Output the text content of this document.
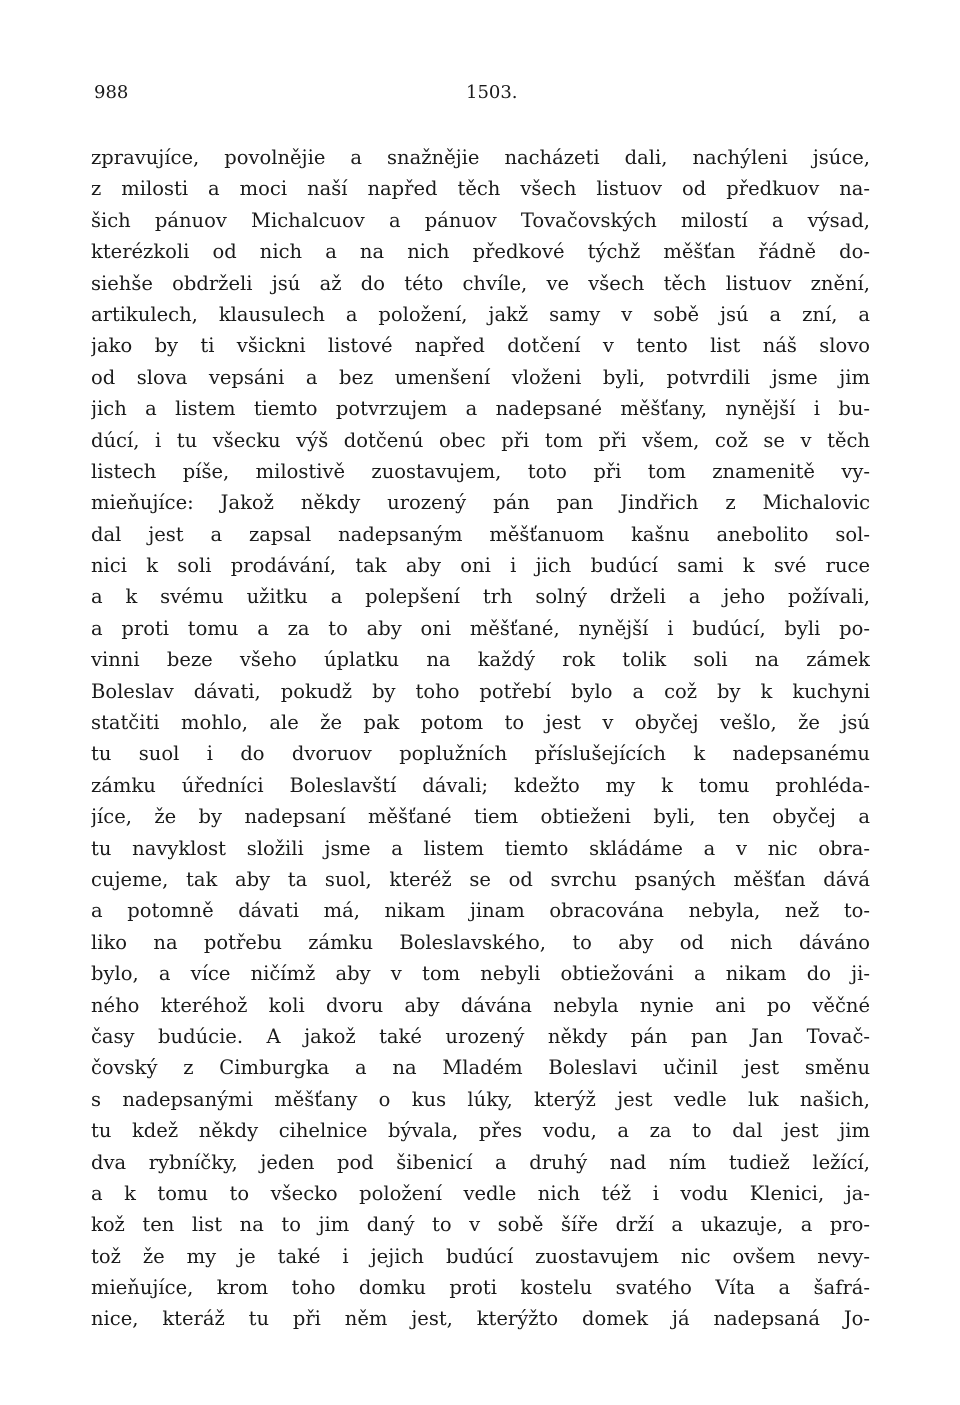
988	1503.
zpravujíce, povolnějie a snažnějie nacházeti dali, nachýleni jsúce,
z milosti a moci naší napřed těch všech listuov od předkuov na-
šich pánuov Michalcuov a pánuov Tovačovských milostí a výsad,
kterézkoli od nich a na nich předkové týchž měšťan řádně do-
siehše obdrželi jsú až do této chvíle, ve všech těch listuov znění,
artikulech, klausulech a položení, jakž samy v sobě jsú a zní, a
jako by ti všickni listové napřed dotčení v tento list náš slovo
od slova vepsáni a bez umenšení vloženi byli, potvrdili jsme jim
jich a listem tiemto potvrzujem a nadepsané měšťany, nynější i bu-
dúcí, i tu všecku výš dotčenú obec při tom při všem, což se v těch
listech píše, milostivě zuostavujem, toto při tom znamenitě vy-
mieňujíce: Jakož někdy urozený pán pan Jindřich z Michalovic
dal jest a zapsal nadepsaným měšťanuom kašnu anebolito sol-
nici k soli prodávání, tak aby oni i jich budúcí sami k své ruce
a k svému užitku a polepšení trh solný drželi a jeho požívali,
a proti tomu a za to aby oni měšťané, nynější i budúcí, byli po-
vinni beze všeho úplatku na každý rok tolik soli na zámek
Boleslav dávati, pokudž by toho potřebí bylo a což by k kuchyni
statčiti mohlo, ale že pak potom to jest v obyčej vešlo, že jsú
tu suol i do dvoruov poplužních příslušejících k nadepsanému
zámku úředníci Boleslavští dávali; kdežto my k tomu prohléda-
jíce, že by nadepsaní měšťané tiem obtieženi byli, ten obyčej a
tu navyklost složili jsme a listem tiemto skládáme a v nic obra-
cujeme, tak aby ta suol, kteréž se od svrchu psaných měšťan dává
a potomně dávati má, nikam jinam obracována nebyla, než to-
liko na potřebu zámku Boleslavského, to aby od nich dáváno
bylo, a více ničímž aby v tom nebyli obtiežováni a nikam do ji-
ného kteréhož koli dvoru aby dávána nebyla nynie ani po věčné
časy budúcie. A jakož také urozený někdy pán pan Jan Tovač-
čovský z Cimburgka a na Mladém Boleslavi učinil jest směnu
s nadepsanými měšťany o kus lúky, kterýž jest vedle luk našich,
tu kdež někdy cihelnice bývala, přes vodu, a za to dal jest jim
dva rybníčky, jeden pod šibenicí a druhý nad ním tudiež ležící,
a k tomu to všecko položení vedle nich též i vodu Klenici, ja-
kož ten list na to jim daný to v sobě šíře drží a ukazuje, a pro-
tož že my je také i jejich budúcí zuostavujem nic ovšem nevy-
mieňujíce, krom toho domku proti kostelu svatého Víta a šafrá-
nice, kteráž tu při něm jest, kterýžto domek já nadepsaná Jo-
